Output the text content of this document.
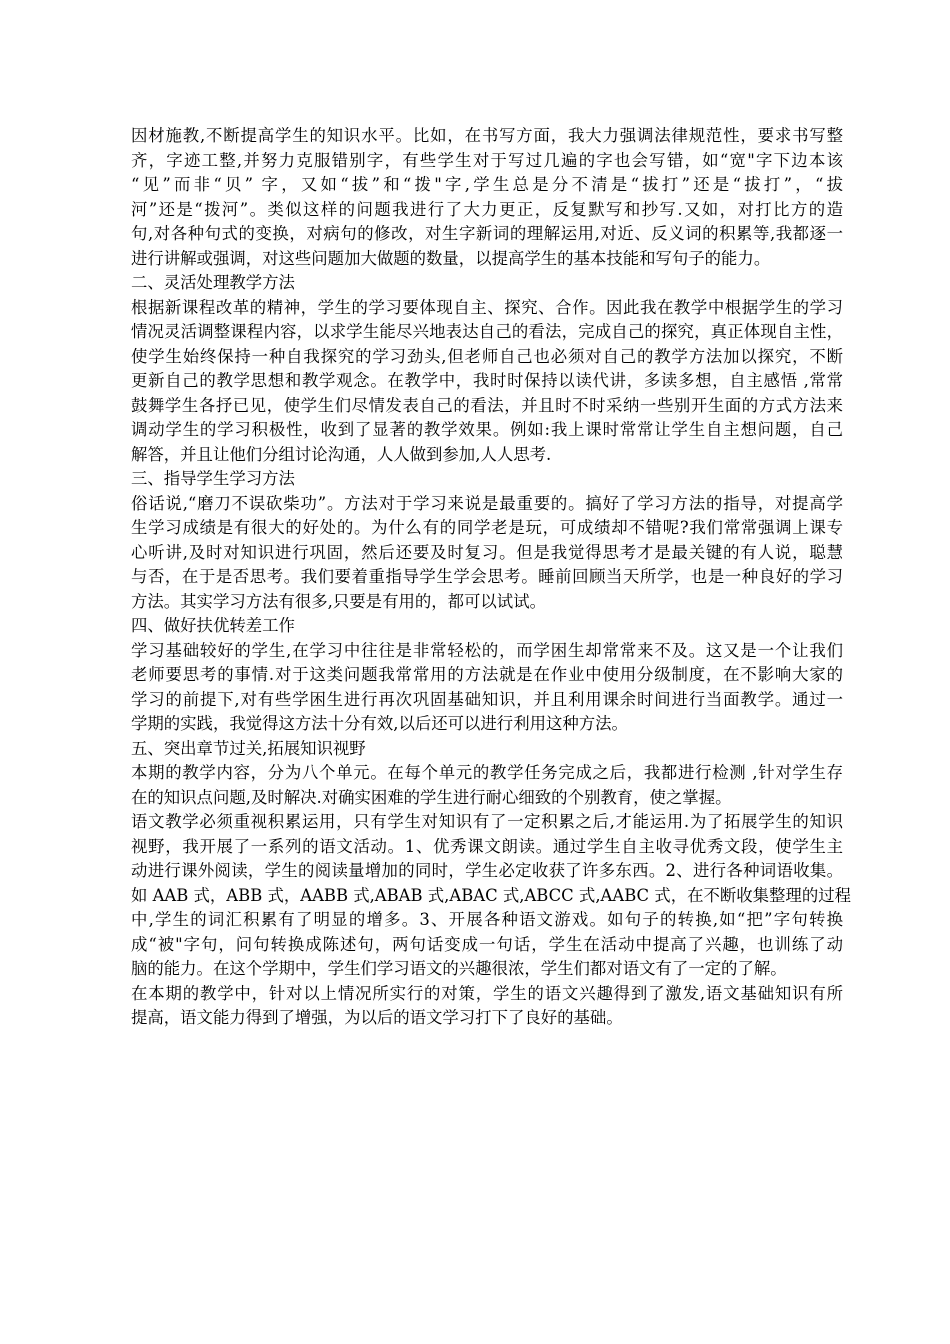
因材施教,不断提高学生的知识水平。比如，在书写方面，我大力强调法律规范性，要求书写整
齐，字迹工整,并努力克服错别字，有些学生对于写过几遍的字也会写错，如“宽"字下边本该
“见”而非“贝” 字，又如“拔”和“拨"字,学生总是分不清是“拔打”还是“拔打”，“拔
河”还是“拨河”。类似这样的问题我进行了大力更正，反复默写和抄写.又如，对打比方的造
句,对各种句式的变换，对病句的修改，对生字新词的理解运用,对近、反义词的积累等,我都逐一
进行讲解或强调，对这些问题加大做题的数量，以提高学生的基本技能和写句子的能力。
二、灵活处理教学方法
根据新课程改革的精神，学生的学习要体现自主、探究、合作。因此我在教学中根据学生的学习
情况灵活调整课程内容，以求学生能尽兴地表达自己的看法，完成自己的探究，真正体现自主性，
使学生始终保持一种自我探究的学习劲头,但老师自己也必须对自己的教学方法加以探究，不断
更新自己的教学思想和教学观念。在教学中，我时时保持以读代讲，多读多想，自主感悟 ,常常
鼓舞学生各抒已见，使学生们尽情发表自己的看法，并且时不时采纳一些别开生面的方式方法来
调动学生的学习积极性，收到了显著的教学效果。例如:我上课时常常让学生自主想问题，自己
解答，并且让他们分组讨论沟通，人人做到参加,人人思考.
三、指导学生学习方法
俗话说,“磨刀不误砍柴功”。方法对于学习来说是最重要的。搞好了学习方法的指导，对提高学
生学习成绩是有很大的好处的。为什么有的同学老是玩，可成绩却不错呢?我们常常强调上课专
心听讲,及时对知识进行巩固，然后还要及时复习。但是我觉得思考才是最关键的有人说，聪慧
与否，在于是否思考。我们要着重指导学生学会思考。睡前回顾当天所学，也是一种良好的学习
方法。其实学习方法有很多,只要是有用的，都可以试试。
四、做好扶优转差工作
学习基础较好的学生,在学习中往往是非常轻松的，而学困生却常常来不及。这又是一个让我们
老师要思考的事情.对于这类问题我常常用的方法就是在作业中使用分级制度，在不影响大家的
学习的前提下,对有些学困生进行再次巩固基础知识，并且利用课余时间进行当面教学。通过一
学期的实践，我觉得这方法十分有效,以后还可以进行利用这种方法。
五、突出章节过关,拓展知识视野
本期的教学内容，分为八个单元。在每个单元的教学任务完成之后，我都进行检测 ,针对学生存
在的知识点问题,及时解决.对确实困难的学生进行耐心细致的个别教育，使之掌握。
语文教学必须重视积累运用，只有学生对知识有了一定积累之后,才能运用.为了拓展学生的知识
视野，我开展了一系列的语文活动。1、优秀课文朗读。通过学生自主收寻优秀文段，使学生主
动进行课外阅读，学生的阅读量增加的同时，学生必定收获了许多东西。2、进行各种词语收集。
如 AAB 式，ABB 式，AABB 式,ABAB 式,ABAC 式,ABCC 式,AABC 式，在不断收集整理的过程
中,学生的词汇积累有了明显的增多。3、开展各种语文游戏。如句子的转换,如“把”字句转换
成“被"字句，问句转换成陈述句，两句话变成一句话，学生在活动中提高了兴趣，也训练了动
脑的能力。在这个学期中，学生们学习语文的兴趣很浓，学生们都对语文有了一定的了解。
在本期的教学中，针对以上情况所实行的对策，学生的语文兴趣得到了激发,语文基础知识有所
提高，语文能力得到了增强，为以后的语文学习打下了良好的基础。
